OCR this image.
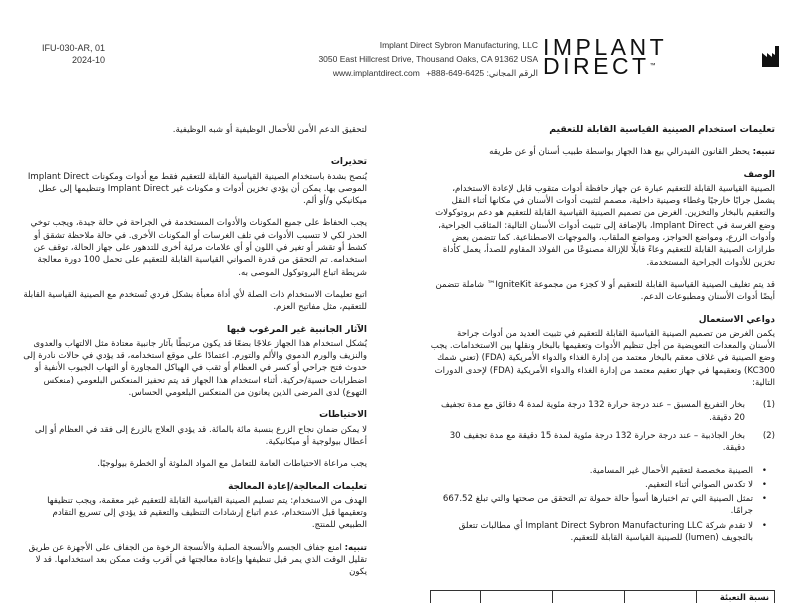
IFU-030-AR, 01
2024-10
Implant Direct Sybron Manufacturing, LLC
3050 East Hillcrest Drive, Thousand Oaks, CA 91362 USA
www.implantdirect.com الرقم المجاني: 6425-649-888+
IMPLANT
DIRECT™

تعليمات استخدام الصينية القياسية القابلة للتعقيم

تنبيه: يحظر القانون الفيدرالي بيع هذا الجهاز بواسطة طبيب أسنان أو عن طريقه

الوصف

الصينية القياسية القابلة للتعقيم عبارة عن جهاز حافظة أدوات متقوب قابل لإعادة الاستخدام، يشمل جرابًا خارجيًا وغطاء وصينية داخلية، مصمم لتثبيت أدوات الأسنان في مكانها أثناء النقل والتعقيم بالبخار والتخزين. الغرض من تصميم الصينية القياسية القابلة للتعقيم هو دعم بروتوكولات وضع الغرسة في Implant Direct، بالإضافة إلى تثبيت أدوات الأسنان التالية: المثاقب الجراحية، وأدوات الزرع، ومواضع الحواجز، ومواضع الملقاب، والموجهات الاصطناعية. كما تتضمن بعض طرازات الصينية القابلة للتعقيم وعاءً قابلًا للإزالة مصنوعًا من الفولاذ المقاوم للصدأ، يعمل كأداة تخزين للأدوات الجراحية المستخدمة.

قد يتم تغليف الصينية القياسية القابلة للتعقيم أو لا كجزء من مجموعة IgniteKit™ شاملة تتضمن أيضًا أدوات الأسنان ومطبوعات الدعم.

دواعي الاستعمال

يكمن الغرض من تصميم الصينية القياسية القابلة للتعقيم في تثبيت العديد من أدوات جراحة الأسنان والمعدات التعويضية من أجل تنظيم الأدوات وتعقيمها بالبخار ونقلها بين الاستخدامات. يجب وضع الصينية في غلاف معقم بالبخار معتمد من إدارة الغذاء والدواء الأمريكية (FDA) (تعني شمك KC300) وتعقيمها في جهاز تعقيم معتمد من إدارة الغذاء والدواء الأمريكية (FDA) لإحدى الدورات التالية:

(1)
بخار التفريغ المسبق – عند درجة حرارة 132 درجة مئوية لمدة 4 دقائق مع مدة تجفيف 20 دقيقة.
(2)
بخار الجاذبية – عند درجة حرارة 132 درجة مئوية لمدة 15 دقيقة مع مدة تجفيف 30 دقيقة.
• الصينية مخصصة لتعقيم الأحمال غير المسامية.
• لا تكدس الصواني أثناء التعقيم.
• تمثل الصينية التي تم اختبارها أسوأ حالة حمولة تم التحقق من صحتها والتي تبلغ 667.52 جرامًا.
• لا تقدم شركة Implant Direct Sybron Manufacturing LLC أي مطالبات تتعلق بالتجويف (lumen) للصينية القياسية القابلة للتعقيم.
نسبة التعبئة

لتحقيق الدعم الأمن للأحمال الوظيفية أو شبه الوظيفية.

تحذيرات

يُنصح بشدة باستخدام الصينية القياسية القابلة للتعقيم فقط مع أدوات ومكونات Implant Direct الموصى بها. يمكن أن يؤدي تخزين أدوات و مكونات غير Implant Direct وتنظيمها إلى عطل ميكانيكي و/أو ألم.

يجب الحفاظ على جميع المكونات والأدوات المستخدمة في الجراحة في حالة جيدة، ويجب توخي الحذر لكي لا تتسبب الأدوات في تلف الغرسات أو المكونات الأخرى. في حالة ملاحظة تشقق أو كشط أو تقشر أو تغير في اللون أو أي علامات مرئية أخرى للتدهور على جهاز الحالة، توقف عن استخدامه. تم التحقق من قدرة الصواني القياسية القابلة للتعقيم على تحمل 100 دورة معالجة شريطة اتباع البروتوكول الموصى به.

اتبع تعليمات الاستخدام ذات الصلة لأي أداة معبأة بشكل فردي تُستخدم مع الصينية القياسية القابلة للتعقيم، مثل مفاتيح العزم.

الآثار الجانبية غير المرغوب فيها

يُشكل استخدام هذا الجهاز علاجًا بضعًا قد يكون مرتبطًا بآثار جانبية معتادة مثل الالتهاب والعدوى والنزيف والورم الدموي والألم والتورم. اعتمادًا على موقع استخدامه، قد يؤدي في حالات نادرة إلى حدوث فتح جراحي أو كسر في العظام أو ثقب في الهياكل المجاورة أو التهاب الجيوب الأنفية أو اضطرابات حسية/حركية. أثناء استخدام هذا الجهاز قد يتم تحفيز المنعكس البلعومي (منعكس التهوع) لدى المرضى الذين يعانون من المنعكس البلعومي الحساس.

الاحتياطات

لا يمكن ضمان نجاح الزرع بنسبة مائة بالمائة. قد يؤدي العلاج بالزرع إلى فقد في العظام أو إلى أعطال بيولوجية أو ميكانيكية.

يجب مراعاة الاحتياطات العامة للتعامل مع المواد الملوثة أو الخطرة بيولوجيًا.

تعليمات المعالجة/إعادة المعالجة

الهدف من الاستخدام: يتم تسليم الصينية القياسية القابلة للتعقيم غير معقمة، ويجب تنظيفها وتعقيمها قبل الاستخدام، عدم اتباع إرشادات التنظيف والتعقيم قد يؤدي إلى تسريع التقادم الطبيعي للمنتج.

تنبيه: امنع جفاف الجسم والأنسجة الصلبة والأنسجة الرخوة من الجفاف على الأجهزة عن طريق تقليل الوقت الذي يمر قبل تنظيفها وإعادة معالجتها في أقرب وقت ممكن بعد استخدامها. قد لا يكون
